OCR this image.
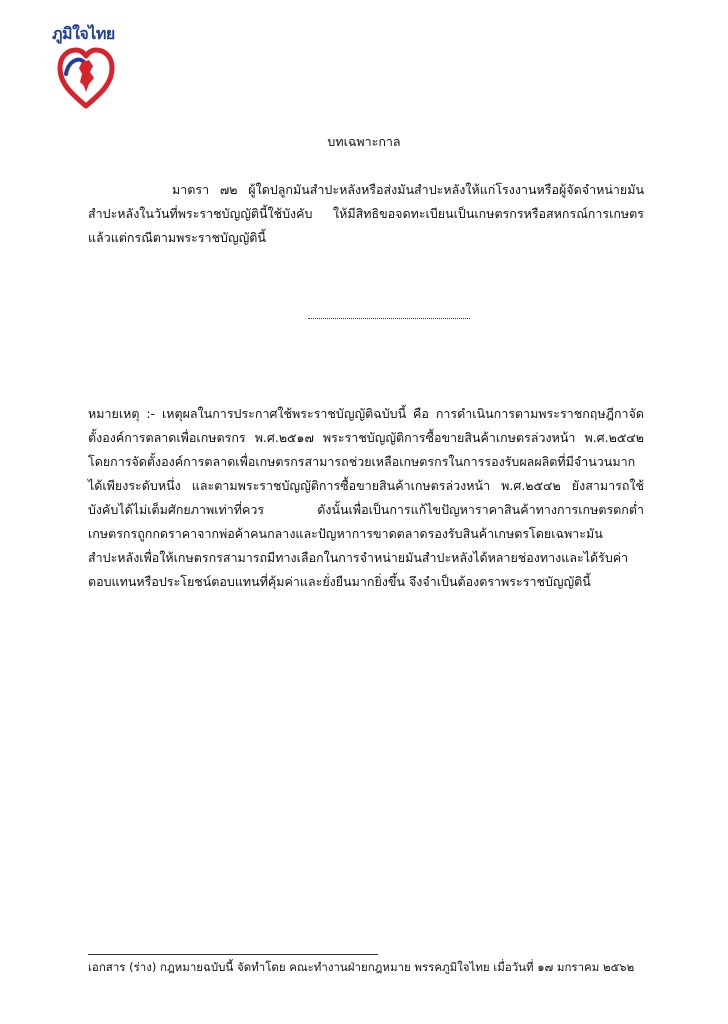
ภูมิใจไทย
บทเฉพาะกาล

มาตรา ๗๒ ผู้ใดปลูกมันสำปะหลังหรือส่งมันสำปะหลังให้แก่โรงงานหรือผู้จัดจำหน่ายมันสำปะหลังในวันที่พระราชบัญญัตินี้ใช้บังคับ ให้มีสิทธิขอจดทะเบียนเป็นเกษตรกรหรือสหกรณ์การเกษตรแล้วแต่กรณีตามพระราชบัญญัตินี้

หมายเหตุ :- เหตุผลในการประกาศใช้พระราชบัญญัติฉบับนี้ คือ การดำเนินการตามพระราชกฤษฎีกาจัดตั้งองค์การตลาดเพื่อเกษตรกร พ.ศ.๒๕๑๗ พระราชบัญญัติการซื้อขายสินค้าเกษตรล่วงหน้า พ.ศ.๒๕๔๒ โดยการจัดตั้งองค์การตลาดเพื่อเกษตรกรสามารถช่วยเหลือเกษตรกรในการรองรับผลผลิตที่มีจำนวนมากได้เพียงระดับหนึ่ง และตามพระราชบัญญัติการซื้อขายสินค้าเกษตรล่วงหน้า พ.ศ.๒๕๔๒ ยังสามารถใช้บังคับได้ไม่เต็มศักยภาพเท่าที่ควร ดังนั้นเพื่อเป็นการแก้ไขปัญหาราคาสินค้าทางการเกษตรตกต่ำ เกษตรกรถูกกดราคาจากพ่อค้าคนกลางและปัญหาการขาดตลาดรองรับสินค้าเกษตรโดยเฉพาะมันสำปะหลังเพื่อให้เกษตรกรสามารถมีทางเลือกในการจำหน่ายมันสำปะหลังได้หลายช่องทางและได้รับค่าตอบแทนหรือประโยชน์ตอบแทนที่คุ้มค่าและยั่งยืนมากยิ่งขึ้น จึงจำเป็นต้องตราพระราชบัญญัตินี้

เอกสาร (ร่าง) กฎหมายฉบับนี้ จัดทำโดย คณะทำงานฝ่ายกฎหมาย พรรคภูมิใจไทย เมื่อวันที่ ๑๗ มกราคม ๒๕๖๒
